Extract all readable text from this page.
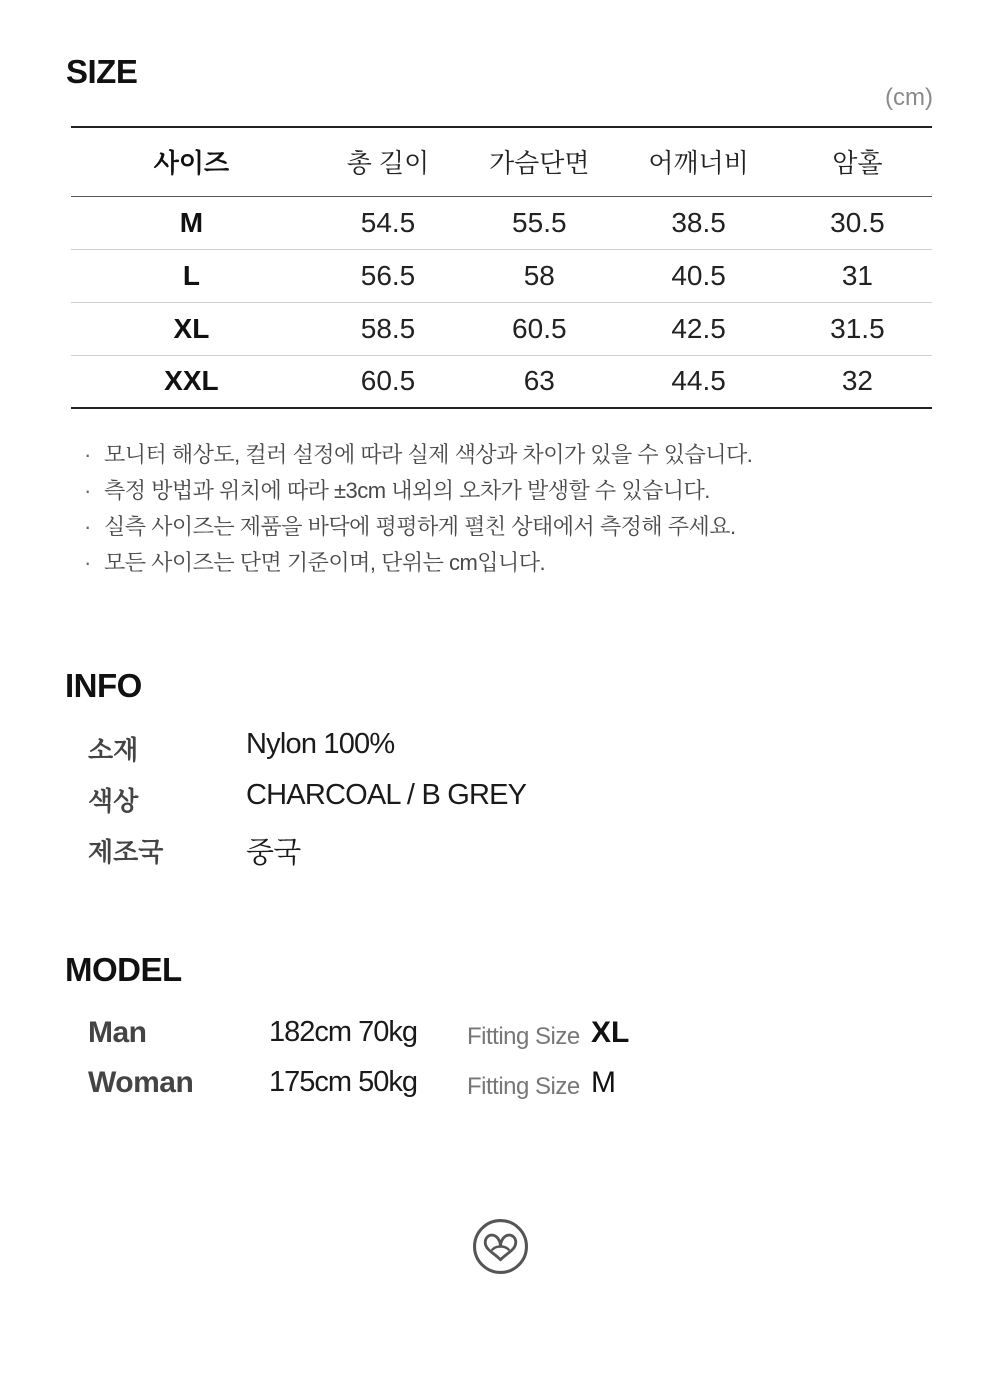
SIZE
(cm)
사이즈	총 길이	가슴단면	어깨너비	암홀
M	54.5	55.5	38.5	30.5
L	56.5	58	40.5	31
XL	58.5	60.5	42.5	31.5
XXL	60.5	63	44.5	32
· 모니터 해상도, 컬러 설정에 따라 실제 색상과 차이가 있을 수 있습니다.
· 측정 방법과 위치에 따라 ±3cm 내외의 오차가 발생할 수 있습니다.
· 실측 사이즈는 제품을 바닥에 평평하게 펼친 상태에서 측정해 주세요.
· 모든 사이즈는 단면 기준이며, 단위는 cm입니다.
INFO
소재	Nylon 100%
색상	CHARCOAL / B GREY
제조국	중국
MODEL
Man	182cm 70kg Fitting Size XL
Woman	175cm 50kg Fitting Size M
